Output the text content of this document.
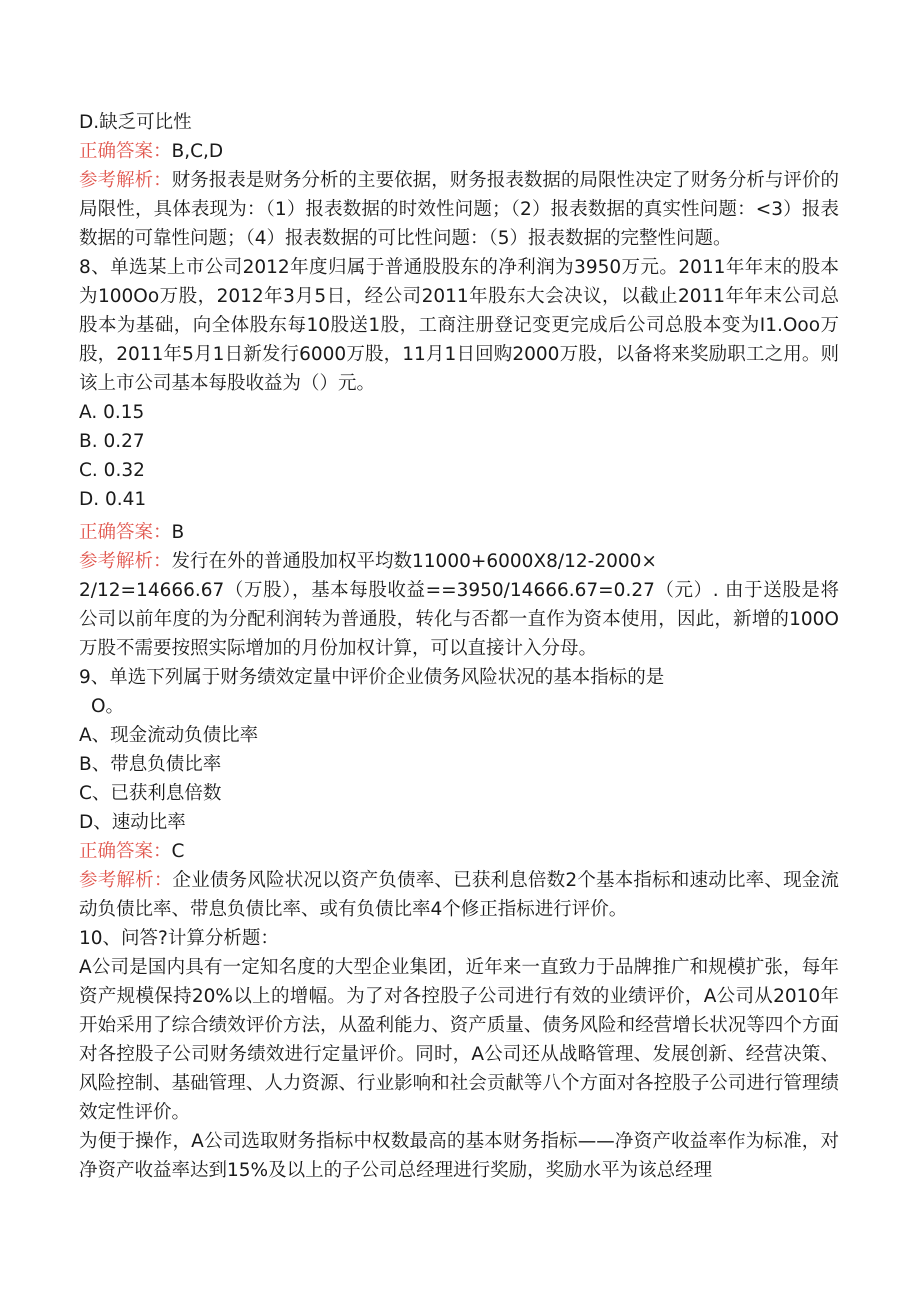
D.缺乏可比性

正确答案：B,C,D

参考解析：财务报表是财务分析的主要依据，财务报表数据的局限性决定了财务分析与评价的局限性，具体表现为：（1）报表数据的时效性问题；（2）报表数据的真实性问题：<3）报表数据的可靠性问题；（4）报表数据的可比性问题：（5）报表数据的完整性问题。

8、单选某上市公司2012年度归属于普通股股东的净利润为3950万元。2011年年末的股本为100Oo万股，2012年3月5日，经公司2011年股东大会决议，以截止2011年年末公司总股本为基础，向全体股东每10股送1股，工商注册登记变更完成后公司总股本变为I1.Ooo万股，2011年5月1日新发行6000万股，11月1日回购2000万股，以备将来奖励职工之用。则该上市公司基本每股收益为（）元。

A. 0.15

B. 0.27

C. 0.32

D. 0.41

正确答案：B

参考解析：发行在外的普通股加权平均数11000+6000X8/12-2000×

2/12=14666.67（万股），基本每股收益==3950/14666.67=0.27（元）. 由于送股是将公司以前年度的为分配利润转为普通股，转化与否都一直作为资本使用，因此，新增的100O万股不需要按照实际增加的月份加权计算，可以直接计入分母。

9、单选下列属于财务绩效定量中评价企业债务风险状况的基本指标的是

O。

A、现金流动负债比率

B、带息负债比率

C、已获利息倍数

D、速动比率

正确答案：C

参考解析：企业债务风险状况以资产负债率、已获利息倍数2个基本指标和速动比率、现金流动负债比率、带息负债比率、或有负债比率4个修正指标进行评价。

10、问答?计算分析题：

A公司是国内具有一定知名度的大型企业集团，近年来一直致力于品牌推广和规模扩张，每年资产规模保持20%以上的增幅。为了对各控股子公司进行有效的业绩评价，A公司从2010年开始采用了综合绩效评价方法，从盈利能力、资产质量、债务风险和经营增长状况等四个方面对各控股子公司财务绩效进行定量评价。同时，A公司还从战略管理、发展创新、经营决策、风险控制、基础管理、人力资源、行业影响和社会贡献等八个方面对各控股子公司进行管理绩效定性评价。

为便于操作，A公司选取财务指标中权数最高的基本财务指标——净资产收益率作为标准，对净资产收益率达到15%及以上的子公司总经理进行奖励，奖励水平为该总经理
